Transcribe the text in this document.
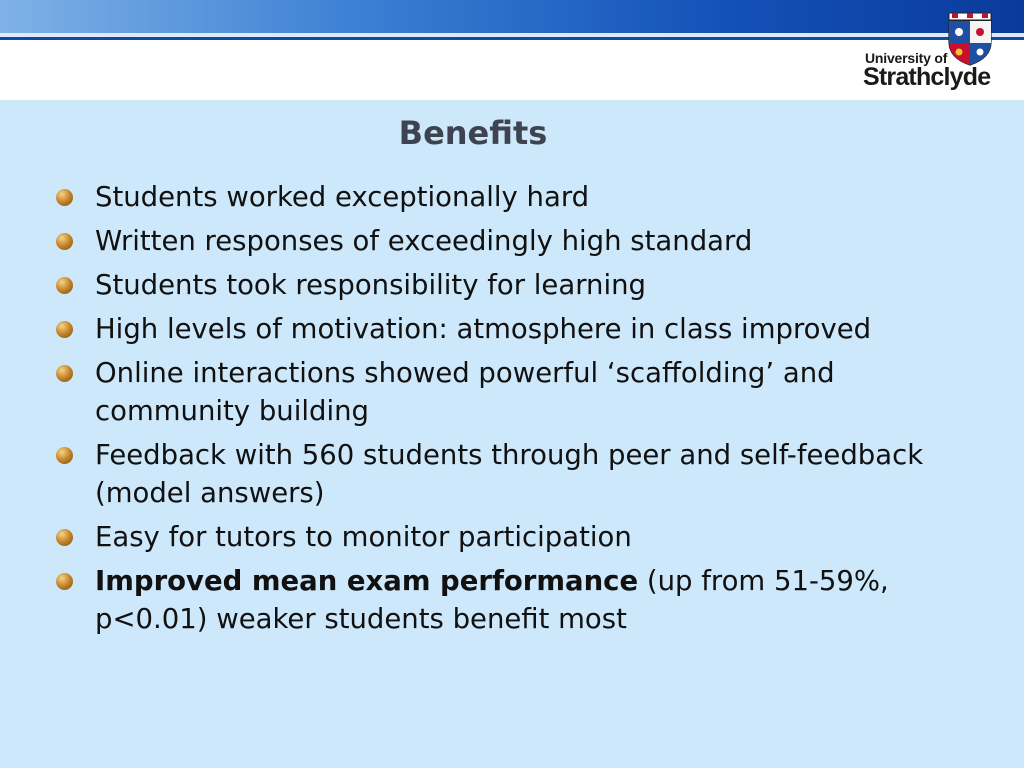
University of
Strathclyde
Benefits
Students worked exceptionally hard
Written responses of exceedingly high standard
Students took responsibility for learning
High levels of motivation: atmosphere in class improved
Online interactions showed powerful ‘scaffolding’ and community building
Feedback with 560 students through peer and self-feedback (model answers)
Easy for tutors to monitor participation
Improved mean exam performance (up from 51-59%, p<0.01) weaker students benefit most
